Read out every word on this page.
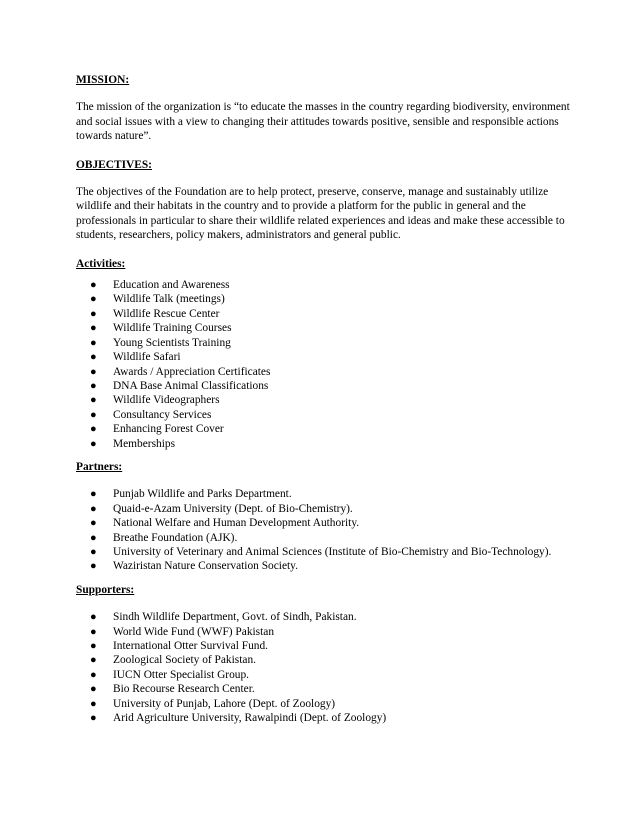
MISSION:

The mission of the organization is “to educate the masses in the country regarding biodiversity, environment and social issues with a view to changing their attitudes towards positive, sensible and responsible actions towards nature”.

OBJECTIVES:

The objectives of the Foundation are to help protect, preserve, conserve, manage and sustainably utilize wildlife and their habitats in the country and to provide a platform for the public in general and the professionals in particular to share their wildlife related experiences and ideas and make these accessible to students, researchers, policy makers, administrators and general public.

Activities:

● Education and Awareness
● Wildlife Talk (meetings)
● Wildlife Rescue Center
● Wildlife Training Courses
● Young Scientists Training
● Wildlife Safari
● Awards / Appreciation Certificates
● DNA Base Animal Classifications
● Wildlife Videographers
● Consultancy Services
● Enhancing Forest Cover
● Memberships

Partners:

● Punjab Wildlife and Parks Department.
● Quaid-e-Azam University (Dept. of Bio-Chemistry).
● National Welfare and Human Development Authority.
● Breathe Foundation (AJK).
● University of Veterinary and Animal Sciences (Institute of Bio-Chemistry and Bio-Technology).
● Waziristan Nature Conservation Society.

Supporters:

● Sindh Wildlife Department, Govt. of Sindh, Pakistan.
● World Wide Fund (WWF) Pakistan
● International Otter Survival Fund.
● Zoological Society of Pakistan.
● IUCN Otter Specialist Group.
● Bio Recourse Research Center.
● University of Punjab, Lahore (Dept. of Zoology)
● Arid Agriculture University, Rawalpindi (Dept. of Zoology)
